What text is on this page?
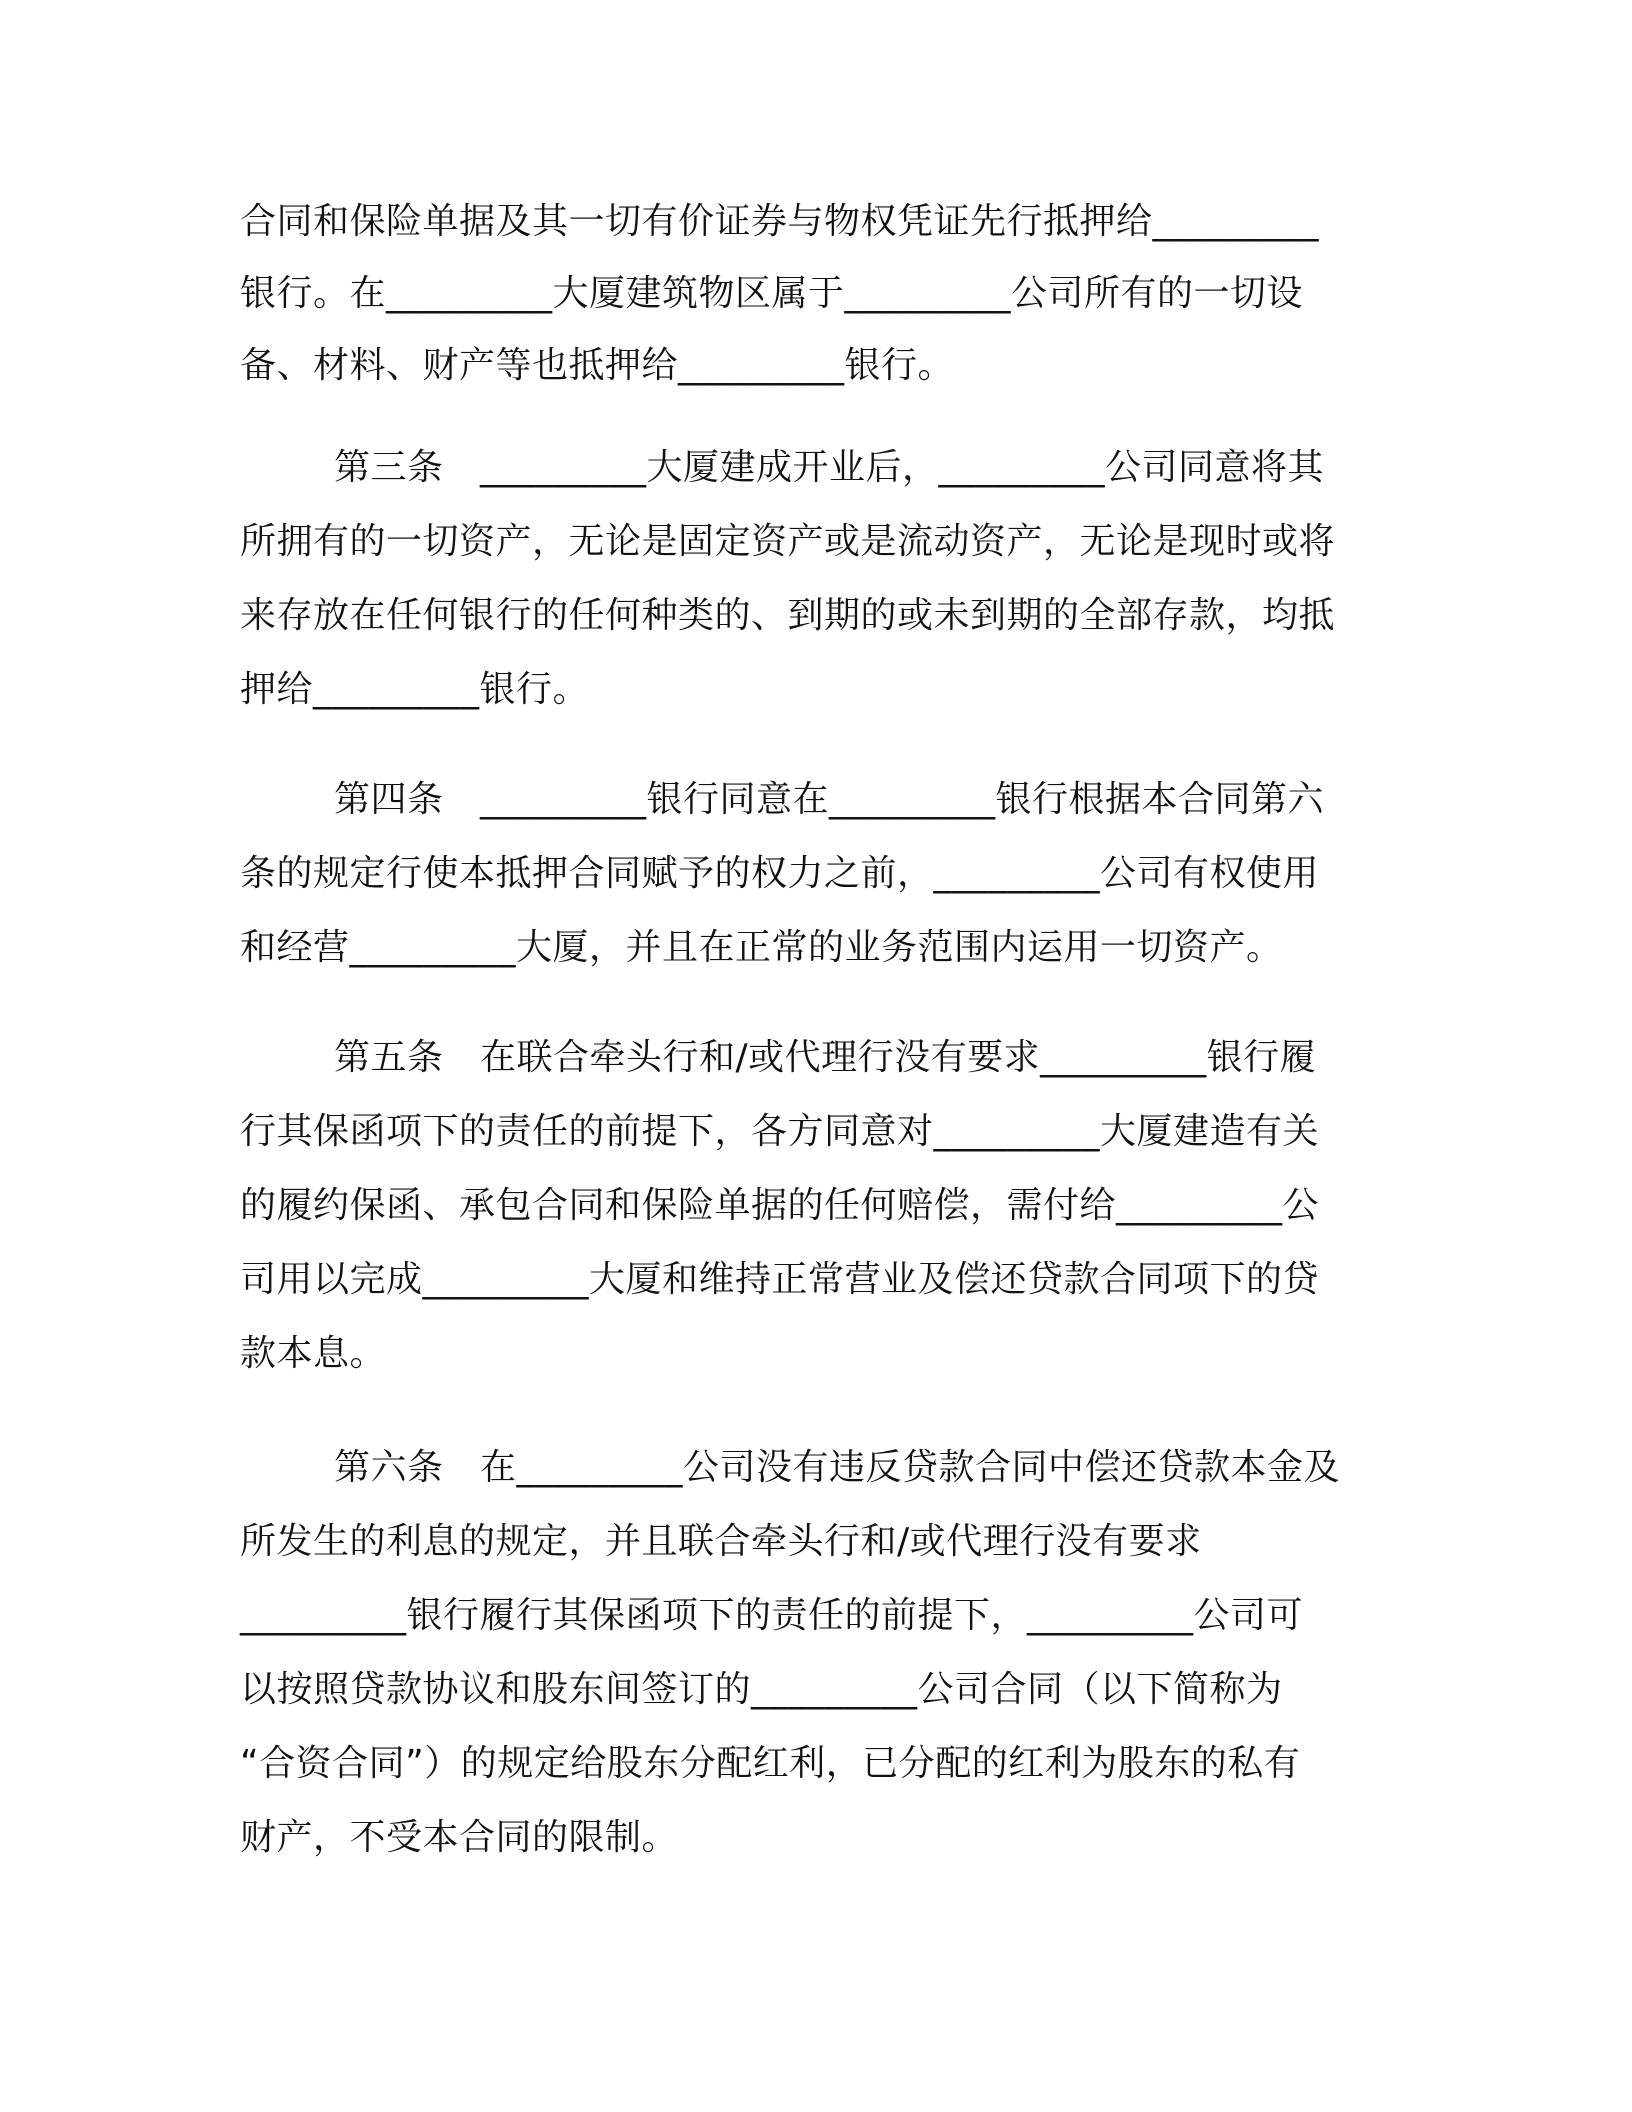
合同和保险单据及其一切有价证券与物权凭证先行抵押给_________
银行。在_________大厦建筑物区属于_________公司所有的一切设
备、材料、财产等也抵押给_________银行。
第三条　_________大厦建成开业后，_________公司同意将其
所拥有的一切资产，无论是固定资产或是流动资产，无论是现时或将
来存放在任何银行的任何种类的、到期的或未到期的全部存款，均抵
押给_________银行。
第四条　_________银行同意在_________银行根据本合同第六
条的规定行使本抵押合同赋予的权力之前，_________公司有权使用
和经营_________大厦，并且在正常的业务范围内运用一切资产。
第五条　在联合牵头行和/或代理行没有要求_________银行履
行其保函项下的责任的前提下，各方同意对_________大厦建造有关
的履约保函、承包合同和保险单据的任何赔偿，需付给_________公
司用以完成_________大厦和维持正常营业及偿还贷款合同项下的贷
款本息。
第六条　在_________公司没有违反贷款合同中偿还贷款本金及
所发生的利息的规定，并且联合牵头行和/或代理行没有要求
_________银行履行其保函项下的责任的前提下，_________公司可
以按照贷款协议和股东间签订的_________公司合同（以下简称为
“合资合同”）的规定给股东分配红利，已分配的红利为股东的私有
财产，不受本合同的限制。
